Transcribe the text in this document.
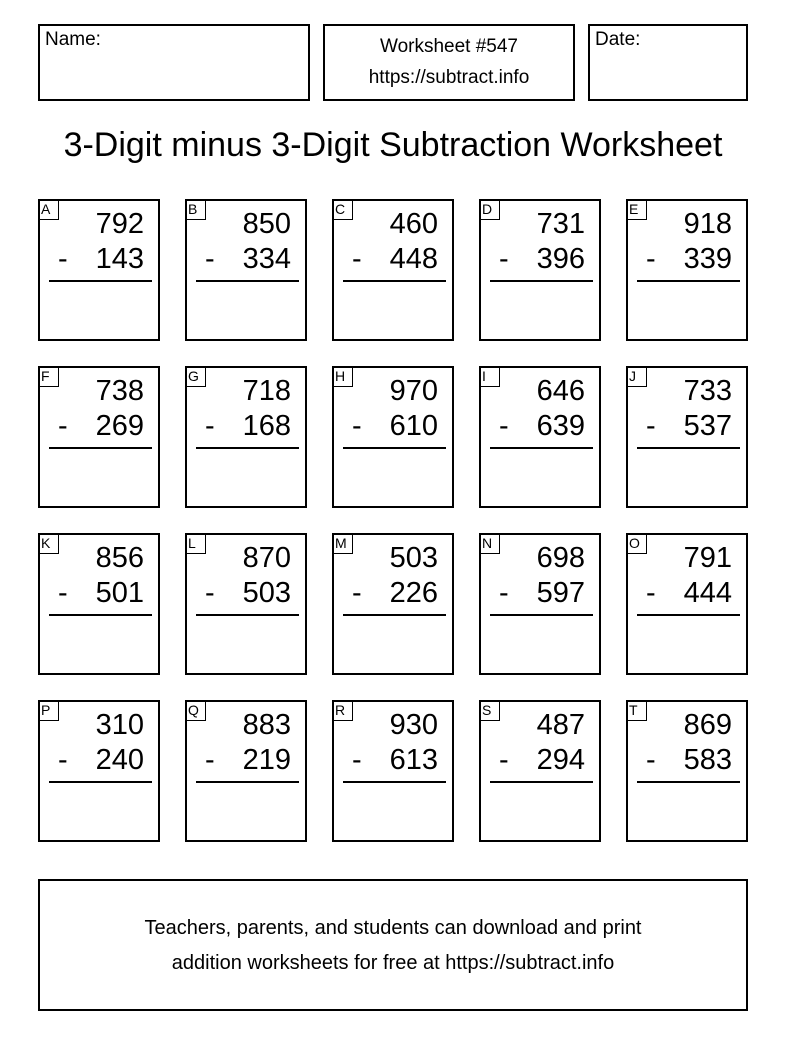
Name:	Worksheet #547
https://subtract.info
Date:
3-Digit minus 3-Digit Subtraction Worksheet
A 792
- 143
B 850
- 334
C 460
- 448
D 731
- 396
E 918
- 339
F	738
- 269
G 718
- 168
H 970
- 610
I	646
- 639
J	733
- 537
K 856
- 501
L	870
- 503
M 503
- 226
N 698
- 597
O 791
- 444
P 310
- 240
Q 883
- 219
R 930
- 613
S 487
- 294
T	869
- 583
Teachers, parents, and students can download and print
addition worksheets for free at https://subtract.info
